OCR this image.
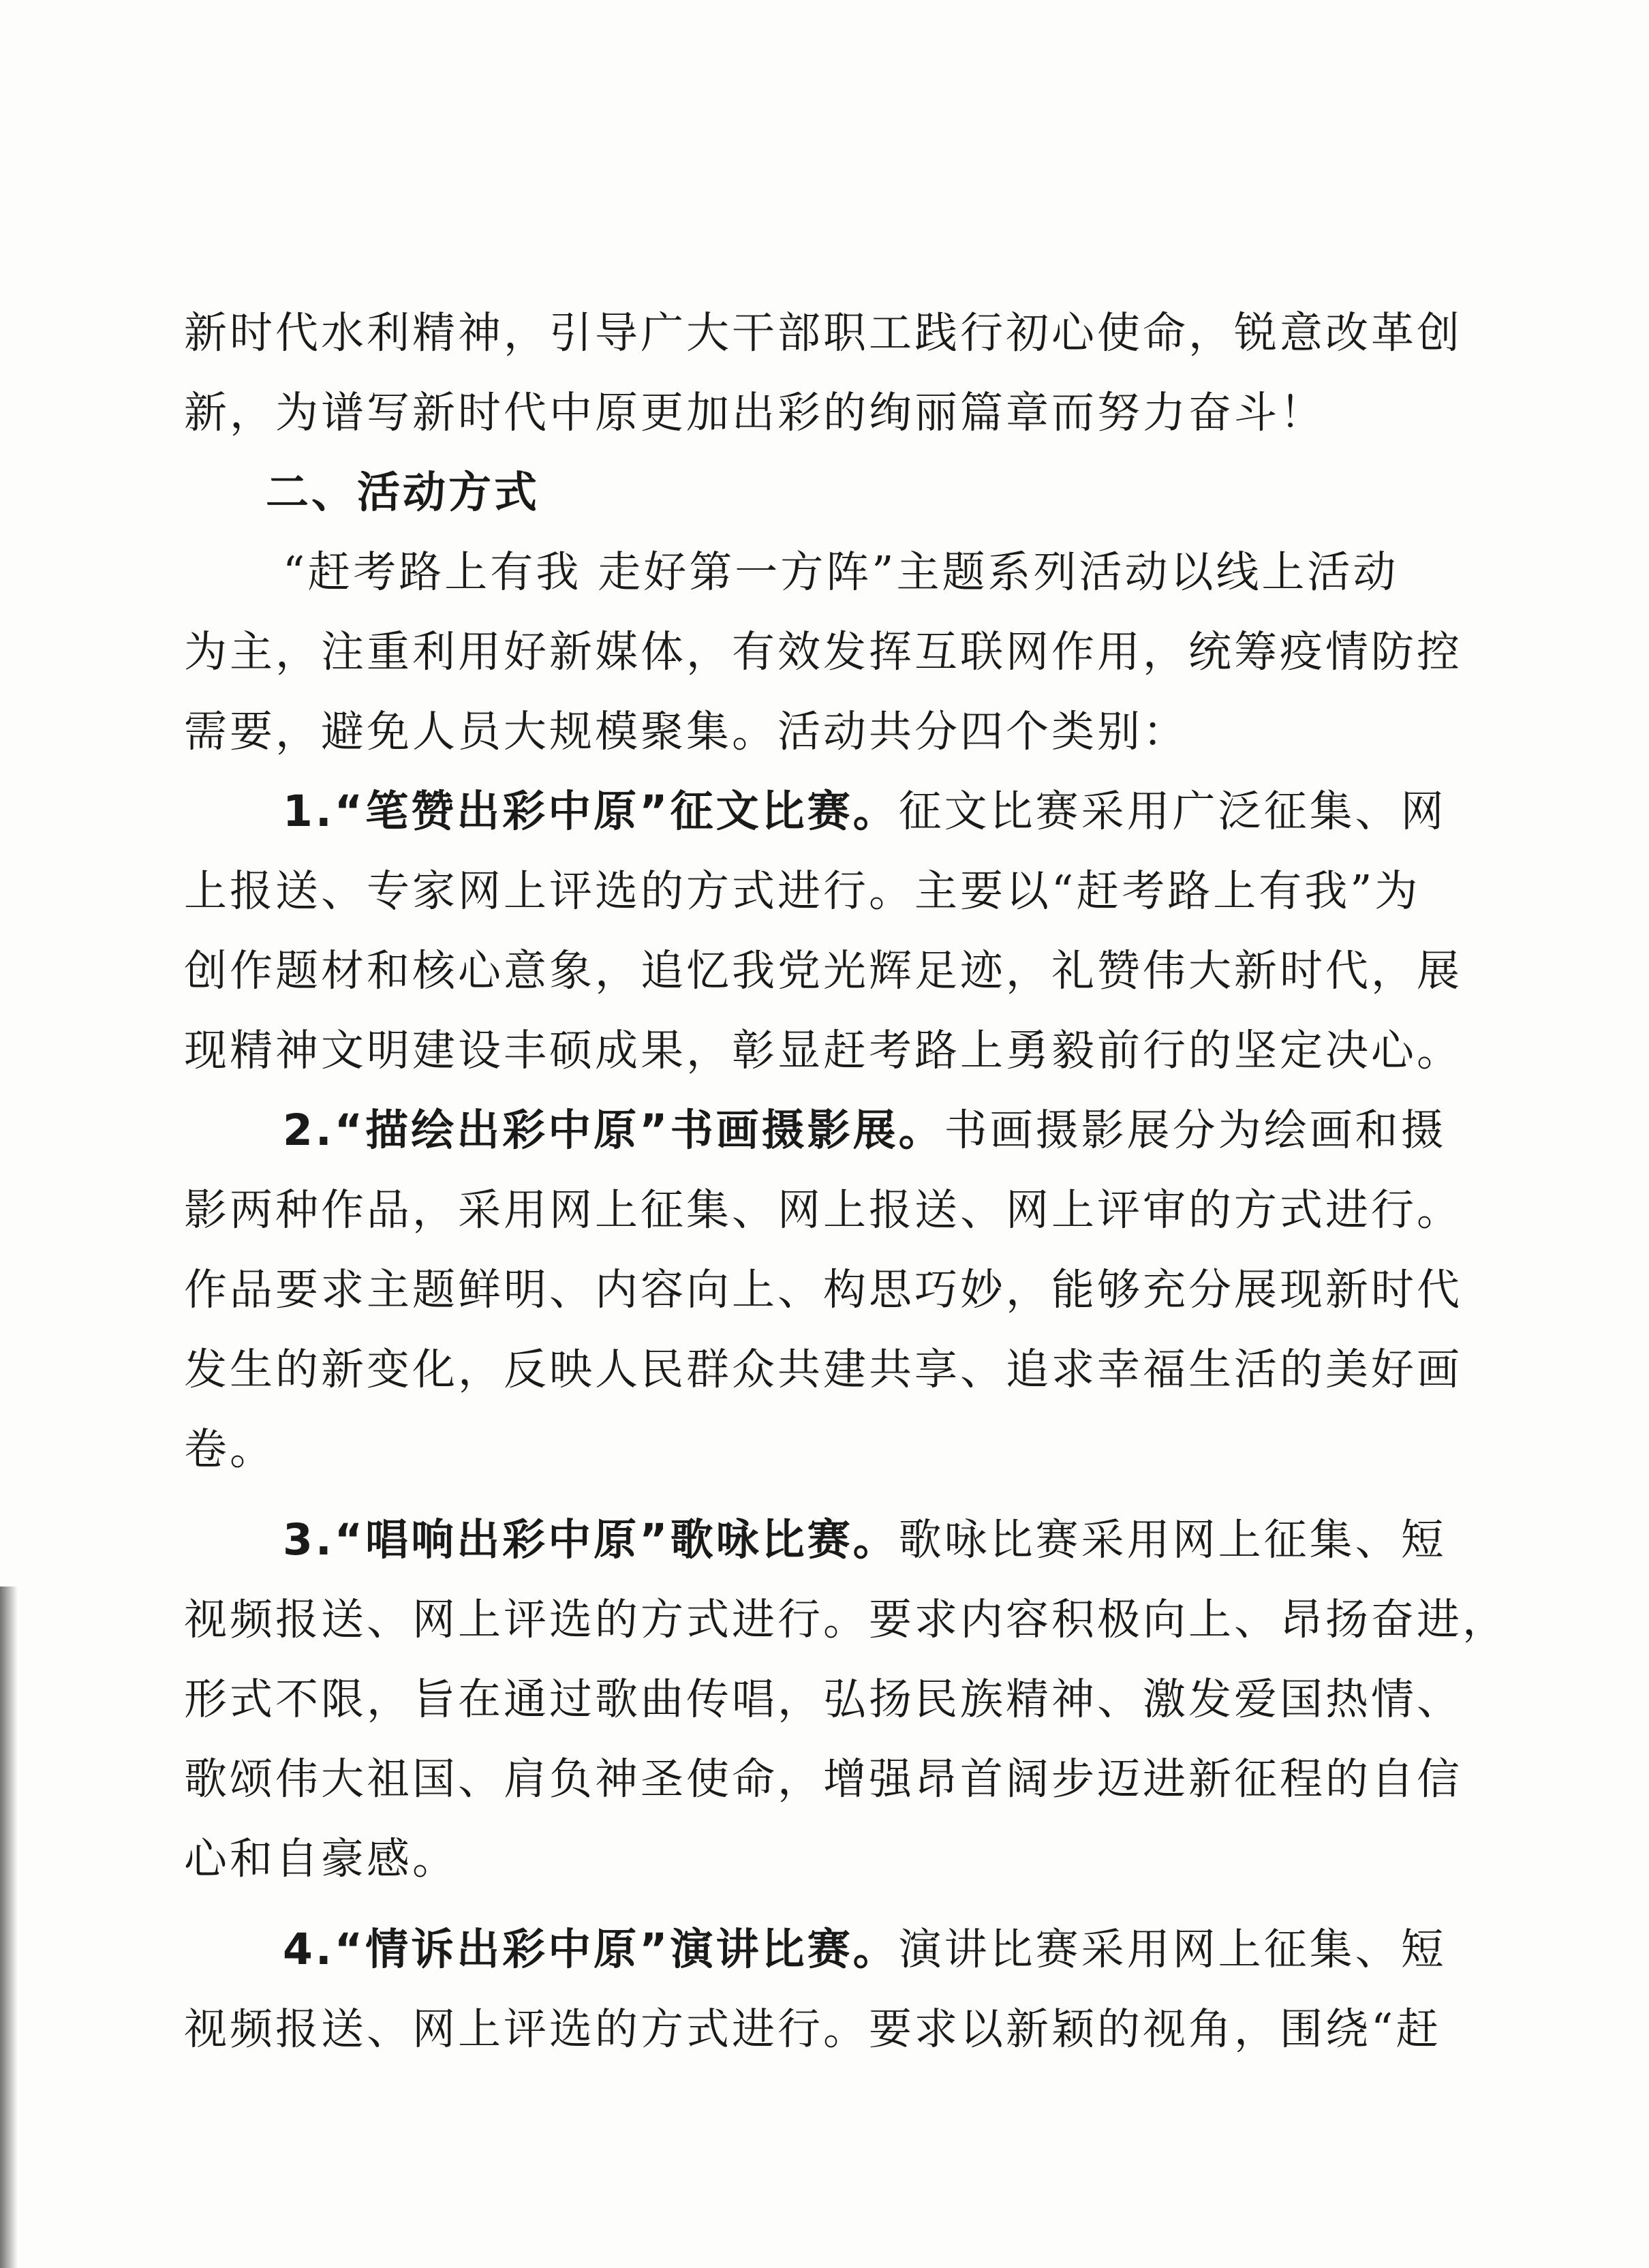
新时代水利精神，引导广大干部职工践行初心使命，锐意改革创
新，为谱写新时代中原更加出彩的绚丽篇章而努力奋斗！
二、活动方式
“赶考路上有我 走好第一方阵”主题系列活动以线上活动
为主，注重利用好新媒体，有效发挥互联网作用，统筹疫情防控
需要，避免人员大规模聚集。活动共分四个类别：
1.“笔赞出彩中原”征文比赛。征文比赛采用广泛征集、网
上报送、专家网上评选的方式进行。主要以“赶考路上有我”为
创作题材和核心意象，追忆我党光辉足迹，礼赞伟大新时代，展
现精神文明建设丰硕成果，彰显赶考路上勇毅前行的坚定决心。
2.“描绘出彩中原”书画摄影展。书画摄影展分为绘画和摄
影两种作品，采用网上征集、网上报送、网上评审的方式进行。
作品要求主题鲜明、内容向上、构思巧妙，能够充分展现新时代
发生的新变化，反映人民群众共建共享、追求幸福生活的美好画
卷。
3.“唱响出彩中原”歌咏比赛。歌咏比赛采用网上征集、短
视频报送、网上评选的方式进行。要求内容积极向上、昂扬奋进，
形式不限，旨在通过歌曲传唱，弘扬民族精神、激发爱国热情、
歌颂伟大祖国、肩负神圣使命，增强昂首阔步迈进新征程的自信
心和自豪感。
4.“情诉出彩中原”演讲比赛。演讲比赛采用网上征集、短
视频报送、网上评选的方式进行。要求以新颖的视角，围绕“赶
